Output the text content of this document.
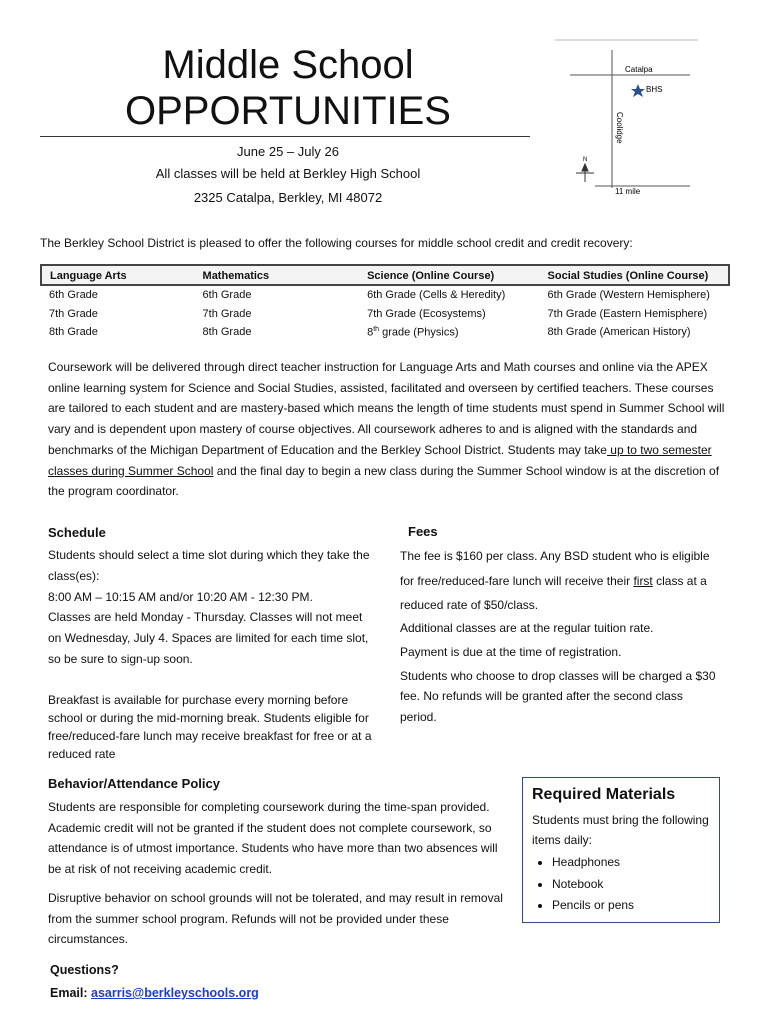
Middle School
OPPORTUNITIES
June 25 – July 26
All classes will be held at Berkley High School
2325 Catalpa, Berkley, MI 48072
Catalpa
Coolidge
11 mile
BHS
N
The Berkley School District is pleased to offer the following courses for middle school credit and credit recovery:
Language Arts	Mathematics	Science (Online Course)	Social Studies (Online Course)
6th Grade	6th Grade	6th Grade (Cells & Heredity)	6th Grade (Western Hemisphere)
7th Grade	7th Grade	7th Grade (Ecosystems)	7th Grade (Eastern Hemisphere)
8th Grade	8th Grade	8th grade (Physics)	8th Grade (American History)
Coursework will be delivered through direct teacher instruction for Language Arts and Math courses and online via the APEX online learning system for Science and Social Studies, assisted, facilitated and overseen by certified teachers. These courses are tailored to each student and are mastery-based which means the length of time students must spend in Summer School will vary and is dependent upon mastery of course objectives. All coursework adheres to and is aligned with the standards and benchmarks of the Michigan Department of Education and the Berkley School District. Students may take up to two semester classes during Summer School and the final day to begin a new class during the Summer School window is at the discretion of the program coordinator.
Schedule
Students should select a time slot during which they take the class(es):
8:00 AM – 10:15 AM and/or 10:20 AM - 12:30 PM.
Classes are held Monday - Thursday. Classes will not meet on Wednesday, July 4. Spaces are limited for each time slot, so be sure to sign-up soon.
Breakfast is available for purchase every morning before school or during the mid-morning break. Students eligible for free/reduced-fare lunch may receive breakfast for free or at a reduced rate
Fees

The fee is $160 per class. Any BSD student who is eligible for free/reduced-fare lunch will receive their first class at a reduced rate of $50/class.

Additional classes are at the regular tuition rate.

Payment is due at the time of registration.

Students who choose to drop classes will be charged a $30 fee. No refunds will be granted after the second class period.

Behavior/Attendance Policy

Students are responsible for completing coursework during the time-span provided. Academic credit will not be granted if the student does not complete coursework, so attendance is of utmost importance. Students who have more than two absences will be at risk of not receiving academic credit.

Disruptive behavior on school grounds will not be tolerated, and may result in removal from the summer school program. Refunds will not be provided under these circumstances.

Required Materials
Students must bring the following items daily:
• Headphones
• Notebook
• Pencils or pens
Questions?
Email: asarris@berkleyschools.org
